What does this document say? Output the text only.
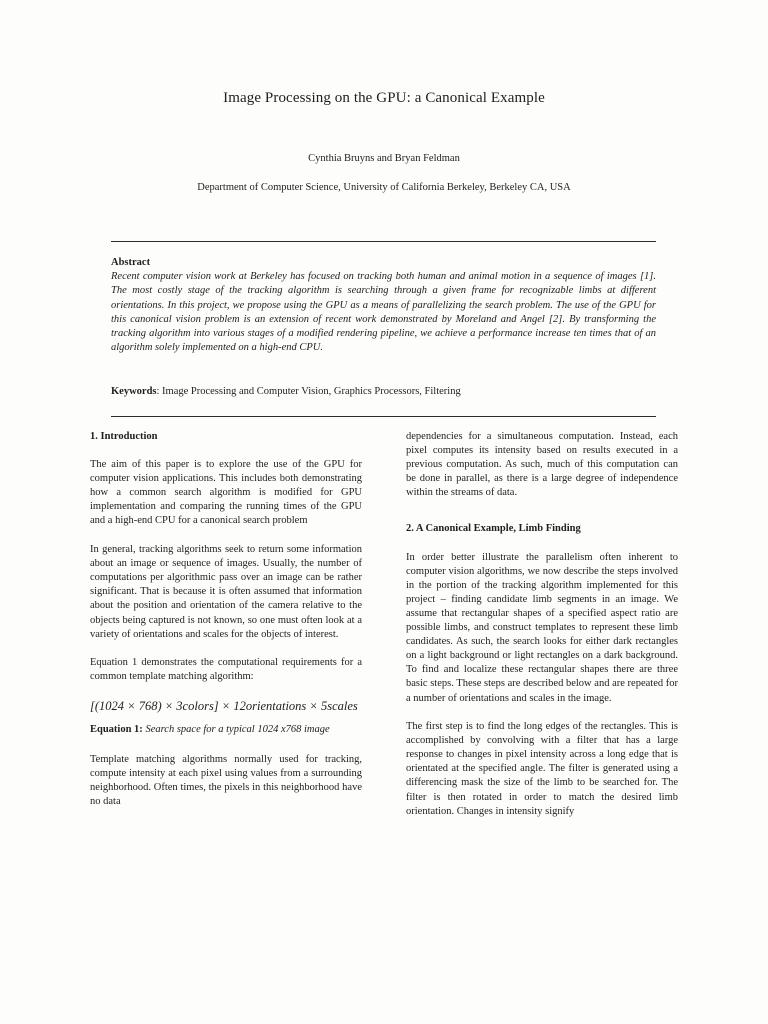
Image Processing on the GPU: a Canonical Example
Cynthia Bruyns and Bryan Feldman
Department of Computer Science, University of California Berkeley, Berkeley CA, USA
Abstract
Recent computer vision work at Berkeley has focused on tracking both human and animal motion in a sequence of images [1]. The most costly stage of the tracking algorithm is searching through a given frame for recognizable limbs at different orientations. In this project, we propose using the GPU as a means of parallelizing the search problem. The use of the GPU for this canonical vision problem is an extension of recent work demonstrated by Moreland and Angel [2]. By transforming the tracking algorithm into various stages of a modified rendering pipeline, we achieve a performance increase ten times that of an algorithm solely implemented on a high-end CPU.
Keywords: Image Processing and Computer Vision, Graphics Processors, Filtering
1. Introduction

The aim of this paper is to explore the use of the GPU for computer vision applications. This includes both demonstrating how a common search algorithm is modified for GPU implementation and comparing the running times of the GPU and a high-end CPU for a canonical search problem

In general, tracking algorithms seek to return some information about an image or sequence of images. Usually, the number of computations per algorithmic pass over an image can be rather significant. That is because it is often assumed that information about the position and orientation of the camera relative to the objects being captured is not known, so one must often look at a variety of orientations and scales for the objects of interest.

Equation 1 demonstrates the computational requirements for a common template matching algorithm:

[(1024 × 768) × 3colors] × 12orientations × 5scales
Equation 1: Search space for a typical 1024 x768 image

Template matching algorithms normally used for tracking, compute intensity at each pixel using values from a surrounding neighborhood. Often times, the pixels in this neighborhood have no data

dependencies for a simultaneous computation. Instead, each pixel computes its intensity based on results executed in a previous computation. As such, much of this computation can be done in parallel, as there is a large degree of independence within the streams of data.

2. A Canonical Example, Limb Finding

In order better illustrate the parallelism often inherent to computer vision algorithms, we now describe the steps involved in the portion of the tracking algorithm implemented for this project – finding candidate limb segments in an image. We assume that rectangular shapes of a specified aspect ratio are possible limbs, and construct templates to represent these limb candidates. As such, the search looks for either dark rectangles on a light background or light rectangles on a dark background. To find and localize these rectangular shapes there are three basic steps. These steps are described below and are repeated for a number of orientations and scales in the image.

The first step is to find the long edges of the rectangles. This is accomplished by convolving with a filter that has a large response to changes in pixel intensity across a long edge that is orientated at the specified angle. The filter is generated using a differencing mask the size of the limb to be searched for. The filter is then rotated in order to match the desired limb orientation. Changes in intensity signify
